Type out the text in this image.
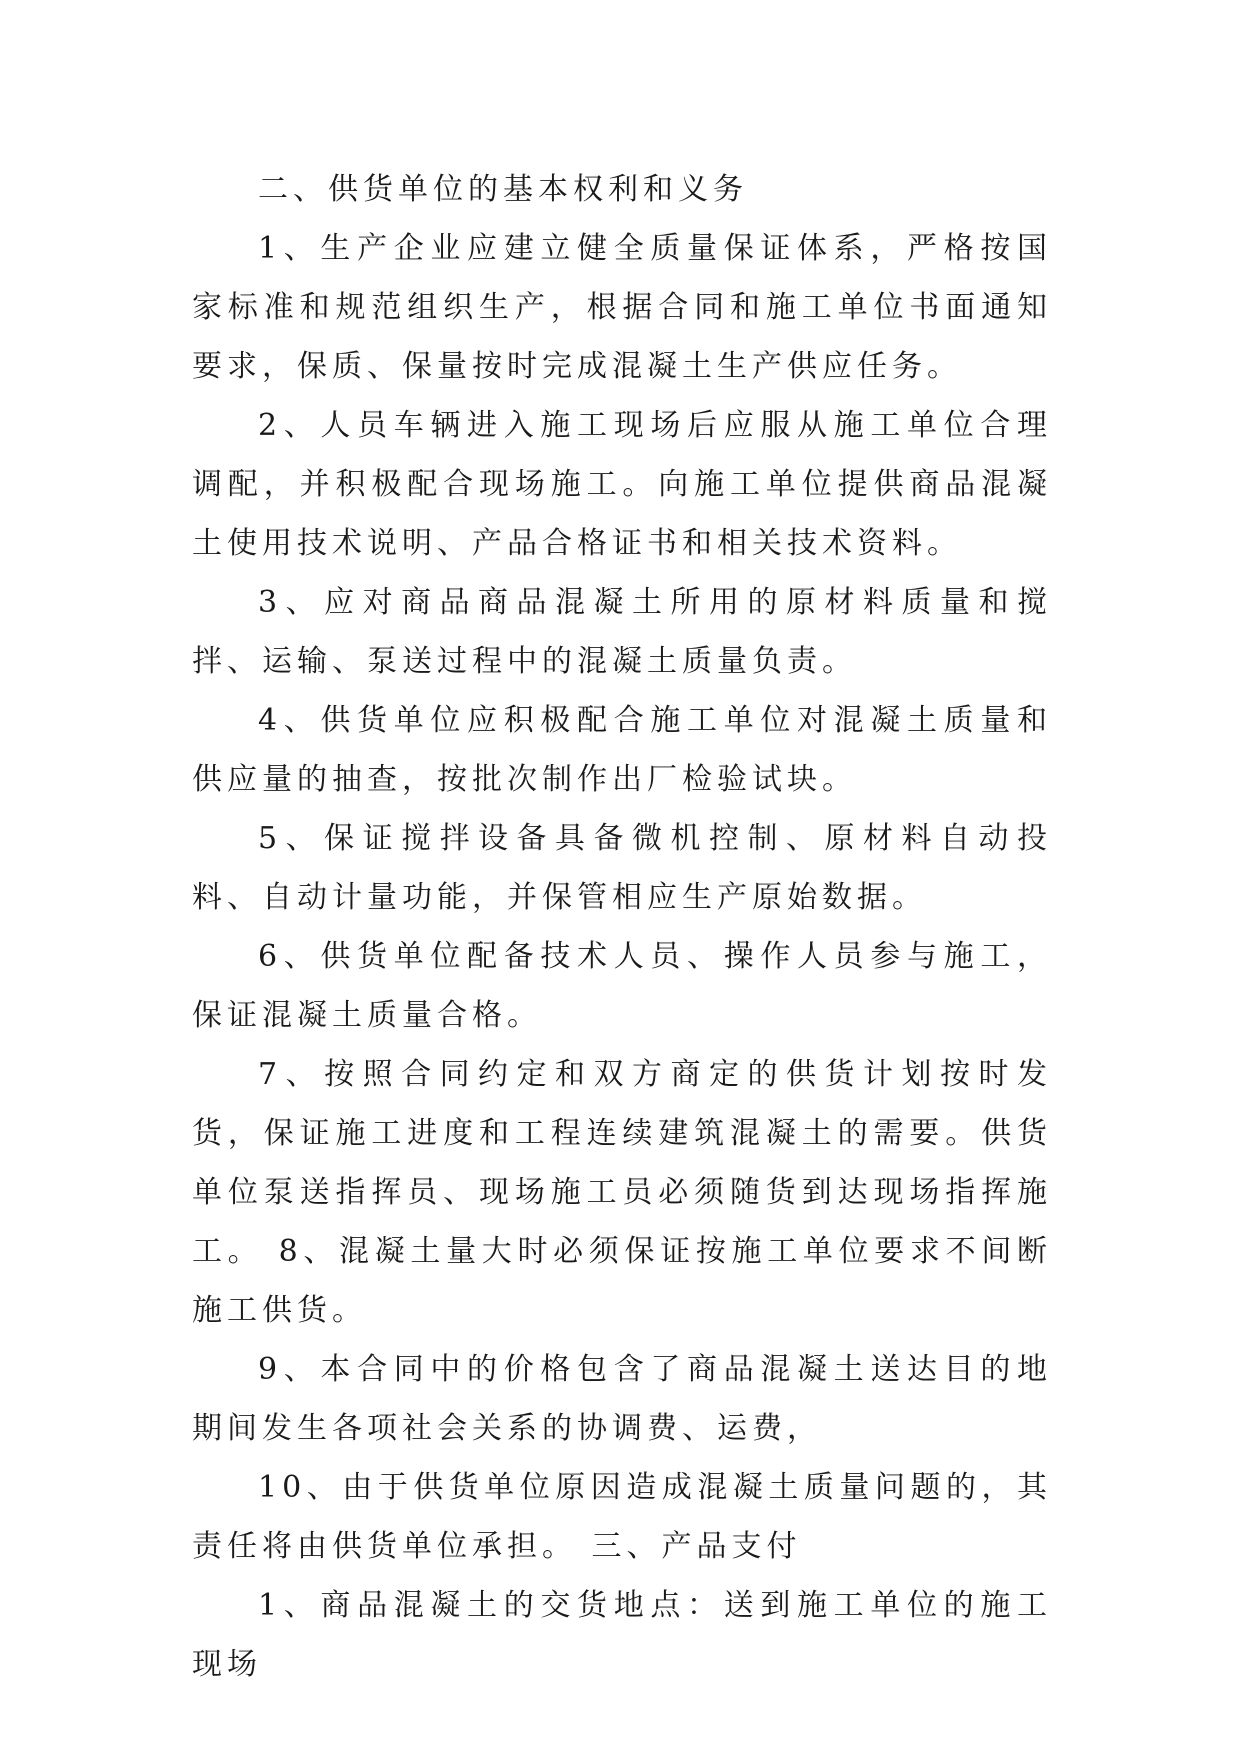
二、供货单位的基本权利和义务

1、生产企业应建立健全质量保证体系，严格按国家标准和规范组织生产，根据合同和施工单位书面通知要求，保质、保量按时完成混凝土生产供应任务。

2、人员车辆进入施工现场后应服从施工单位合理调配，并积极配合现场施工。向施工单位提供商品混凝土使用技术说明、产品合格证书和相关技术资料。

3、应对商品商品混凝土所用的原材料质量和搅拌、运输、泵送过程中的混凝土质量负责。

4、供货单位应积极配合施工单位对混凝土质量和供应量的抽查，按批次制作出厂检验试块。

5、保证搅拌设备具备微机控制、原材料自动投料、自动计量功能，并保管相应生产原始数据。

6、供货单位配备技术人员、操作人员参与施工，保证混凝土质量合格。

7、按照合同约定和双方商定的供货计划按时发货，保证施工进度和工程连续建筑混凝土的需要。供货单位泵送指挥员、现场施工员必须随货到达现场指挥施工。 8、混凝土量大时必须保证按施工单位要求不间断施工供货。

9、本合同中的价格包含了商品混凝土送达目的地期间发生各项社会关系的协调费、运费，

10、由于供货单位原因造成混凝土质量问题的，其责任将由供货单位承担。 三、产品支付

1、商品混凝土的交货地点：送到施工单位的施工现场
